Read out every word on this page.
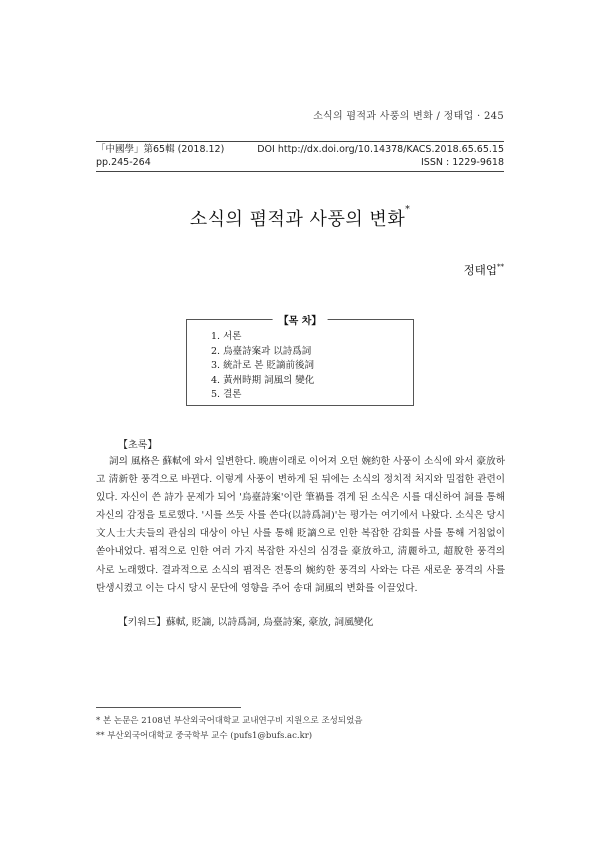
소식의 폄적과 사풍의 변화 / 정태업 · 245
「中國學」第65輯 (2018.12)	DOI http://dx.doi.org/10.14378/KACS.2018.65.65.15
pp.245-264	ISSN : 1229-9618
소식의 폄적과 사풍의 변화*
정태업**
【목 차】
1. 서론
2. 烏臺詩案과 以詩爲詞
3. 統計로 본 貶謫前後詞
4. 黃州時期 詞風의 變化
5. 결론
【초록】

詞의 風格은 蘇軾에 와서 일변한다. 晩唐이래로 이어져 오던 婉約한 사풍이 소식에 와서 豪放하고 淸新한 풍격으로 바뀐다. 이렇게 사풍이 변하게 된 뒤에는 소식의 정치적 처지와 밀접한 관련이 있다. 자신이 쓴 詩가 문제가 되어 '烏臺詩案'이란 筆禍를 겪게 된 소식은 시를 대신하여 詞를 통해 자신의 감정을 토로했다. '시를 쓰듯 사를 쓴다(以詩爲詞)'는 평가는 여기에서 나왔다. 소식은 당시 文人士大夫들의 관심의 대상이 아닌 사를 통해 貶謫으로 인한 복잡한 감회를 사를 통해 거침없이 쏟아내었다. 폄적으로 인한 여러 가지 복잡한 자신의 심경을 豪放하고, 淸麗하고, 超脫한 풍격의 사로 노래했다. 결과적으로 소식의 폄적은 전통의 婉約한 풍격의 사와는 다른 새로운 풍격의 사를 탄생시켰고 이는 다시 당시 문단에 영향을 주어 송대 詞風의 변화를 이끌었다.

【키워드】蘇軾, 貶謫, 以詩爲詞, 烏臺詩案, 豪放, 詞風變化
* 본 논문은 2108년 부산외국어대학교 교내연구비 지원으로 조성되었음
** 부산외국어대학교 중국학부 교수 (pufs1@bufs.ac.kr)
